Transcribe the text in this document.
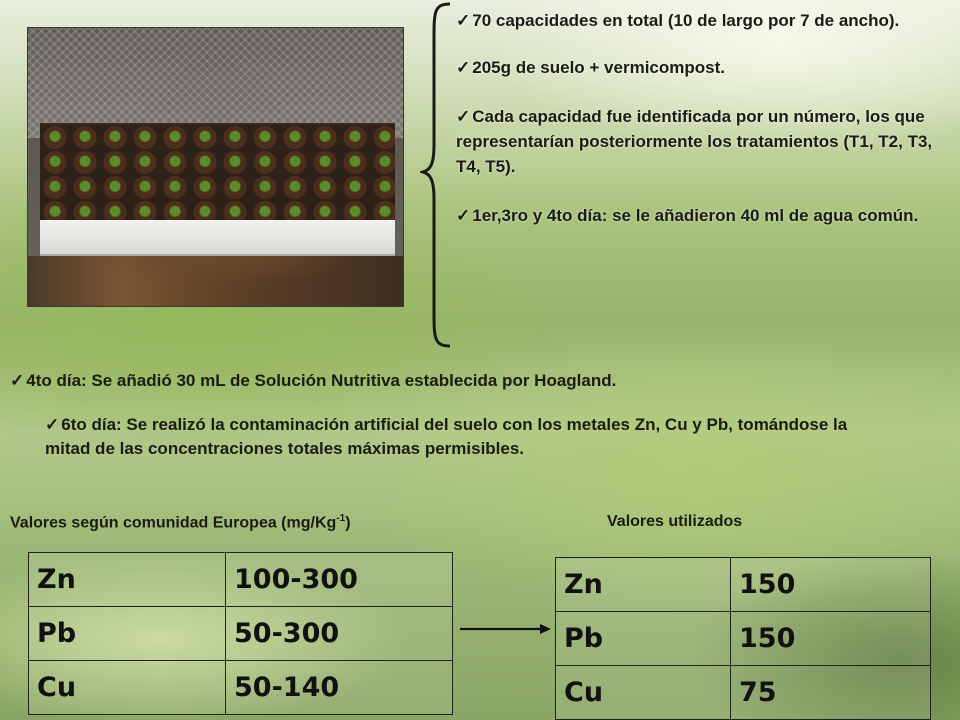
✓ 70 capacidades en total (10 de largo por 7 de ancho).
✓ 205g de suelo + vermicompost.
✓ Cada capacidad fue identificada por un número, los que representarían posteriormente los tratamientos (T1, T2, T3, T4, T5).
✓ 1er,3ro y 4to día: se le añadieron 40 ml de agua común.
✓ 4to día: Se añadió 30 mL de Solución Nutritiva establecida por Hoagland.
✓ 6to día: Se realizó la contaminación artificial del suelo con los metales Zn, Cu y Pb, tomándose la mitad de las concentraciones totales máximas permisibles.
Valores según comunidad Europea $(mg/Kg^{-1})$	Valores utilizados
Zn	100-300
Pb	50-300
Cu	50-140
Zn	150
Pb	150
Cu	75
